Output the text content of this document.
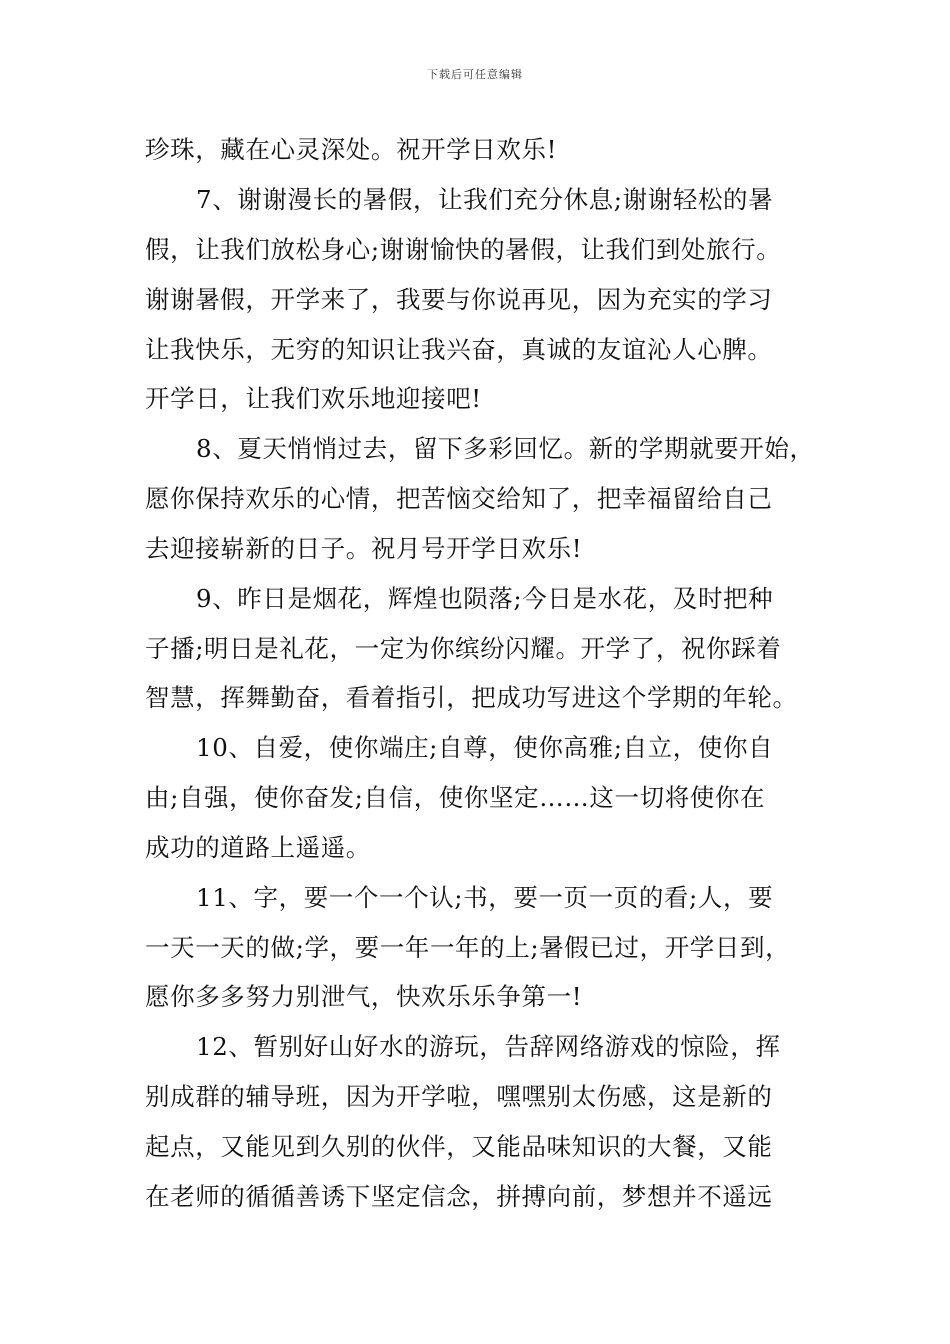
下载后可任意编辑
珍珠，藏在心灵深处。祝开学日欢乐!
7、谢谢漫长的暑假，让我们充分休息;谢谢轻松的暑
假，让我们放松身心;谢谢愉快的暑假，让我们到处旅行。
谢谢暑假，开学来了，我要与你说再见，因为充实的学习
让我快乐，无穷的知识让我兴奋，真诚的友谊沁人心脾。
开学日，让我们欢乐地迎接吧!
8、夏天悄悄过去，留下多彩回忆。新的学期就要开始，
愿你保持欢乐的心情，把苦恼交给知了，把幸福留给自己
去迎接崭新的日子。祝月号开学日欢乐!
9、昨日是烟花，辉煌也陨落;今日是水花，及时把种
子播;明日是礼花，一定为你缤纷闪耀。开学了，祝你踩着
智慧，挥舞勤奋，看着指引，把成功写进这个学期的年轮。
10、自爱，使你端庄;自尊，使你高雅;自立，使你自
由;自强，使你奋发;自信，使你坚定……这一切将使你在
成功的道路上遥遥。
11、字，要一个一个认;书，要一页一页的看;人，要
一天一天的做;学，要一年一年的上;暑假已过，开学日到，
愿你多多努力别泄气，快欢乐乐争第一!
12、暂别好山好水的游玩，告辞网络游戏的惊险，挥
别成群的辅导班，因为开学啦，嘿嘿别太伤感，这是新的
起点，又能见到久别的伙伴，又能品味知识的大餐，又能
在老师的循循善诱下坚定信念，拼搏向前，梦想并不遥远
